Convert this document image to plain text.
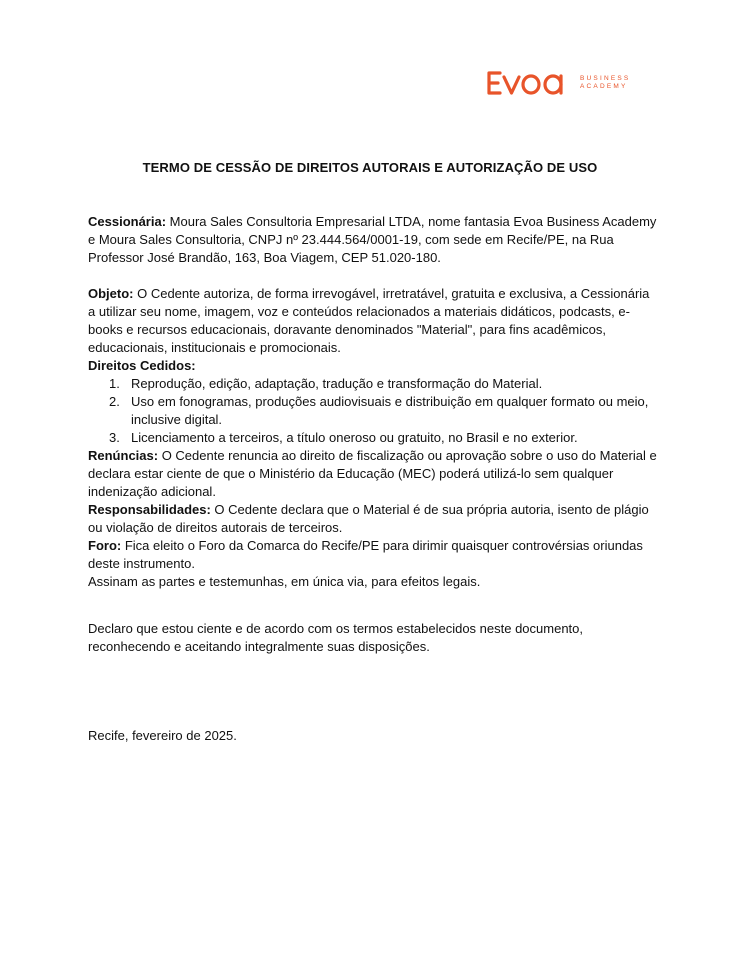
BUSINESS
ACADEMY
TERMO DE CESSÃO DE DIREITOS AUTORAIS E AUTORIZAÇÃO DE USO

Cessionária: Moura Sales Consultoria Empresarial LTDA, nome fantasia Evoa Business Academy e Moura Sales Consultoria, CNPJ nº 23.444.564/0001-19, com sede em Recife/PE, na Rua Professor José Brandão, 163, Boa Viagem, CEP 51.020-180.

Objeto: O Cedente autoriza, de forma irrevogável, irretratável, gratuita e exclusiva, a Cessionária a utilizar seu nome, imagem, voz e conteúdos relacionados a materiais didáticos, podcasts, e-books e recursos educacionais, doravante denominados "Material", para fins acadêmicos, educacionais, institucionais e promocionais.

Direitos Cedidos:

1. Reprodução, edição, adaptação, tradução e transformação do Material.
2. Uso em fonogramas, produções audiovisuais e distribuição em qualquer formato ou meio, inclusive digital.
3. Licenciamento a terceiros, a título oneroso ou gratuito, no Brasil e no exterior.

Renúncias: O Cedente renuncia ao direito de fiscalização ou aprovação sobre o uso do Material e declara estar ciente de que o Ministério da Educação (MEC) poderá utilizá-lo sem qualquer indenização adicional.

Responsabilidades: O Cedente declara que o Material é de sua própria autoria, isento de plágio ou violação de direitos autorais de terceiros.

Foro: Fica eleito o Foro da Comarca do Recife/PE para dirimir quaisquer controvérsias oriundas deste instrumento.

Assinam as partes e testemunhas, em única via, para efeitos legais.

Declaro que estou ciente e de acordo com os termos estabelecidos neste documento, reconhecendo e aceitando integralmente suas disposições.

Recife, fevereiro de 2025.
